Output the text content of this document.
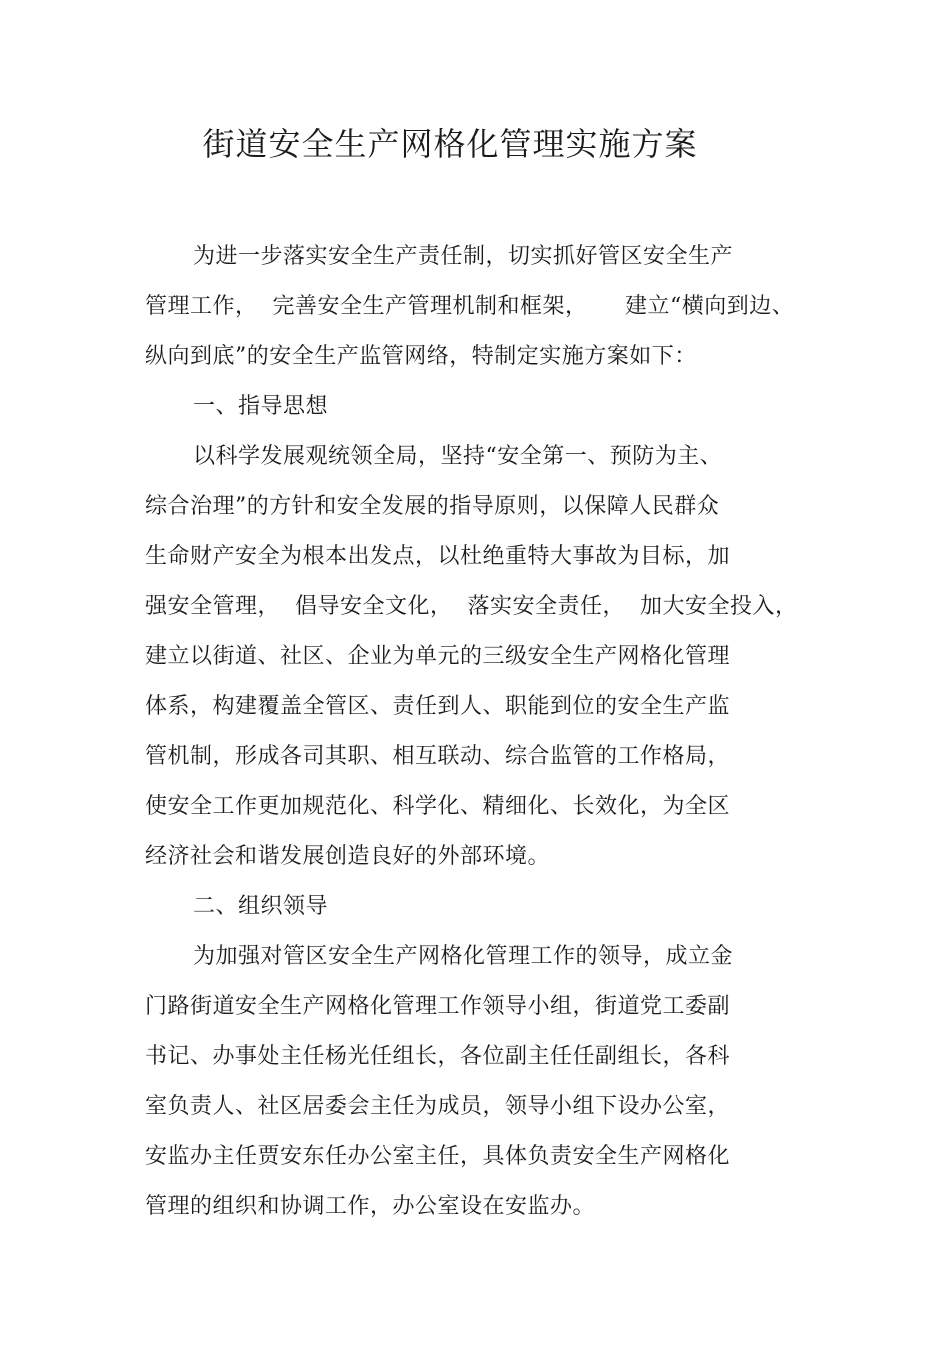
街道安全生产网格化管理实施方案
为进一步落实安全生产责任制，切实抓好管区安全生产
管理工作，  完善安全生产管理机制和框架，     建立“横向到边、
纵向到底”的安全生产监管网络，特制定实施方案如下：
一、指导思想
以科学发展观统领全局，坚持“安全第一、预防为主、
综合治理”的方针和安全发展的指导原则，以保障人民群众
生命财产安全为根本出发点，以杜绝重特大事故为目标，加
强安全管理，  倡导安全文化，  落实安全责任，  加大安全投入，
建立以街道、社区、企业为单元的三级安全生产网格化管理
体系，构建覆盖全管区、责任到人、职能到位的安全生产监
管机制，形成各司其职、相互联动、综合监管的工作格局，
使安全工作更加规范化、科学化、精细化、长效化，为全区
经济社会和谐发展创造良好的外部环境。
二、组织领导
为加强对管区安全生产网格化管理工作的领导，成立金
门路街道安全生产网格化管理工作领导小组，街道党工委副
书记、办事处主任杨光任组长，各位副主任任副组长，各科
室负责人、社区居委会主任为成员，领导小组下设办公室，
安监办主任贾安东任办公室主任，具体负责安全生产网格化
管理的组织和协调工作，办公室设在安监办。
